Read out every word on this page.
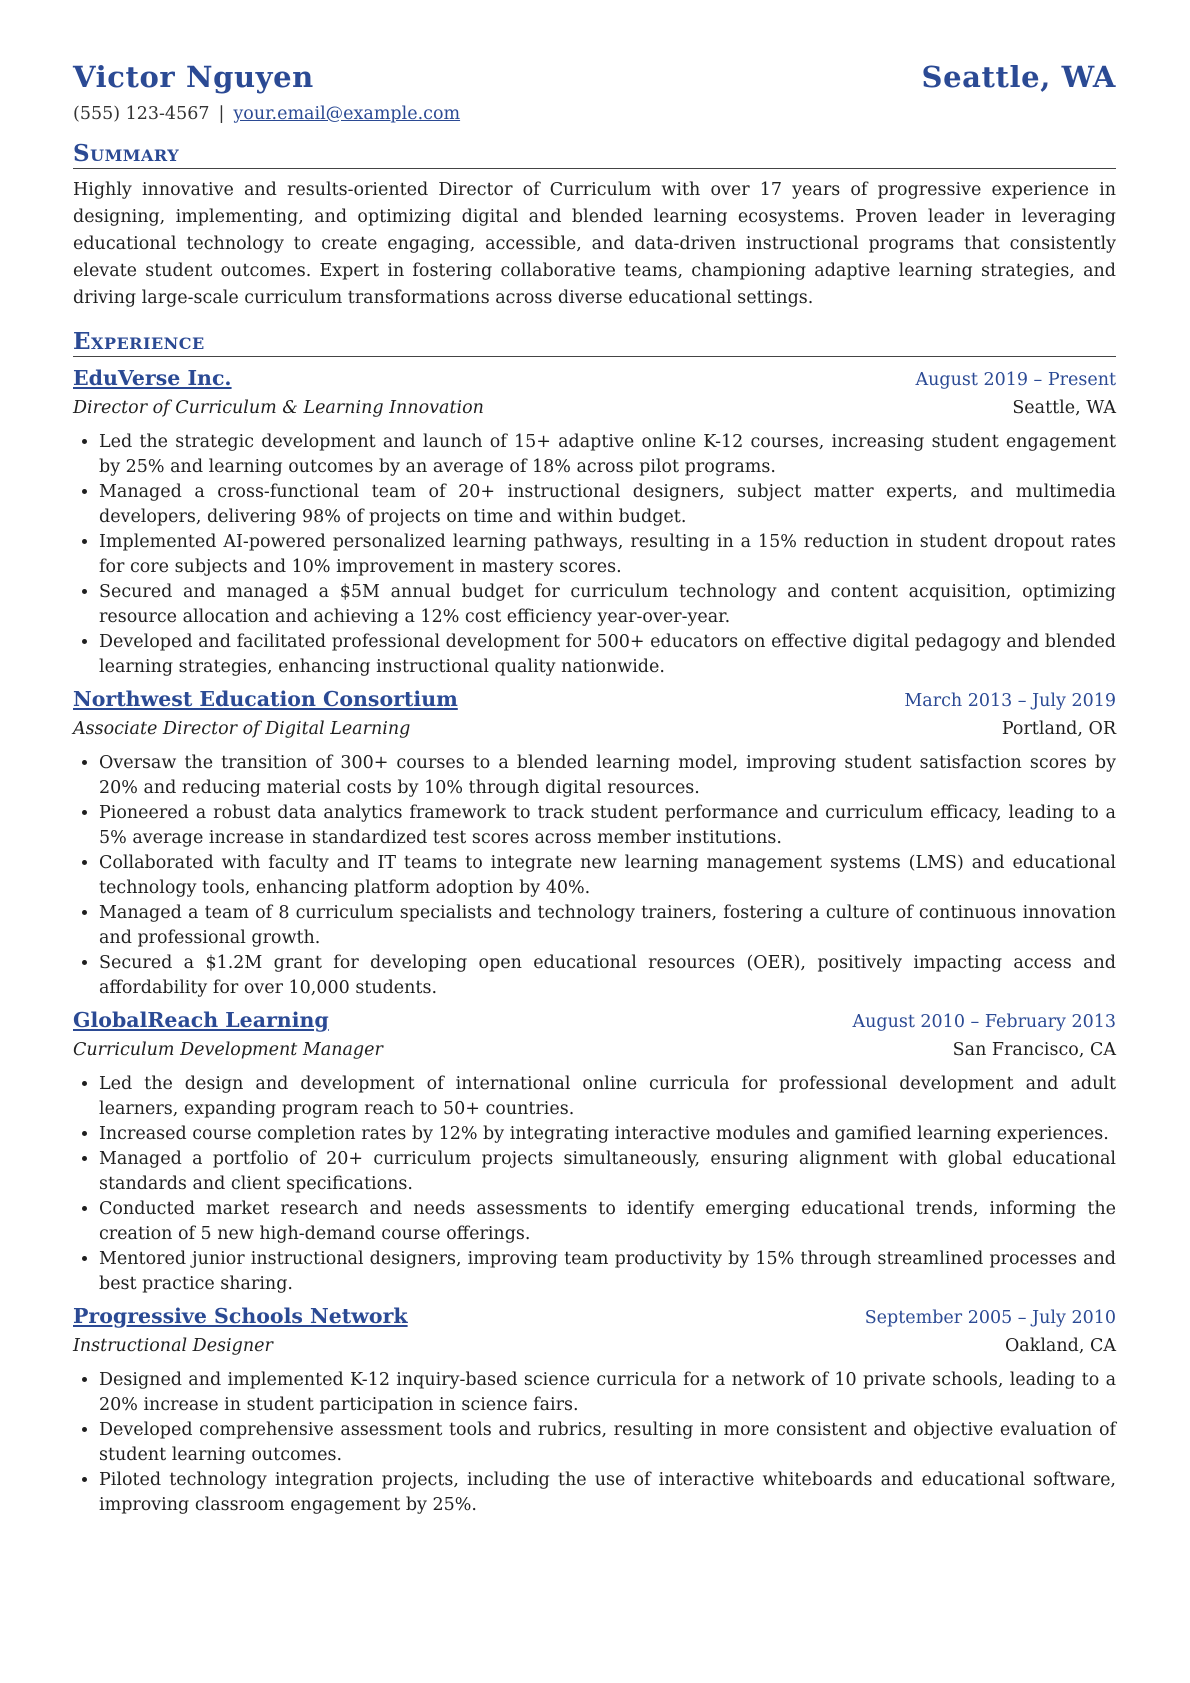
Victor Nguyen	Seattle, WA
(555) 123-4567 | your.email@example.com
Summary

Highly innovative and results-oriented Director of Curriculum with over 17 years of progressive experience in designing, implementing, and optimizing digital and blended learning ecosystems. Proven leader in leveraging educational technology to create engaging, accessible, and data-driven instructional programs that consistently elevate student outcomes. Expert in fostering collaborative teams, championing adaptive learning strategies, and driving large-scale curriculum transformations across diverse educational settings.

Experience
EduVerse Inc.	August 2019 – Present
Director of Curriculum & Learning Innovation	Seattle, WA
• Led the strategic development and launch of 15+ adaptive online K-12 courses, increasing student engagement by 25% and learning outcomes by an average of 18% across pilot programs.
• Managed a cross-functional team of 20+ instructional designers, subject matter experts, and multimedia developers, delivering 98% of projects on time and within budget.
• Implemented AI-powered personalized learning pathways, resulting in a 15% reduction in student dropout rates for core subjects and 10% improvement in mastery scores.
• Secured and managed a $5M annual budget for curriculum technology and content acquisition, optimizing resource allocation and achieving a 12% cost efficiency year-over-year.
• Developed and facilitated professional development for 500+ educators on effective digital pedagogy and blended learning strategies, enhancing instructional quality nationwide.
Northwest Education Consortium	March 2013 – July 2019
Associate Director of Digital Learning	Portland, OR
• Oversaw the transition of 300+ courses to a blended learning model, improving student satisfaction scores by 20% and reducing material costs by 10% through digital resources.
• Pioneered a robust data analytics framework to track student performance and curriculum efficacy, leading to a 5% average increase in standardized test scores across member institutions.
• Collaborated with faculty and IT teams to integrate new learning management systems (LMS) and educational technology tools, enhancing platform adoption by 40%.
• Managed a team of 8 curriculum specialists and technology trainers, fostering a culture of continuous innovation and professional growth.
• Secured a $1.2M grant for developing open educational resources (OER), positively impacting access and affordability for over 10,000 students.
GlobalReach Learning	August 2010 – February 2013
Curriculum Development Manager	San Francisco, CA
• Led the design and development of international online curricula for professional development and adult learners, expanding program reach to 50+ countries.
• Increased course completion rates by 12% by integrating interactive modules and gamified learning experiences.
• Managed a portfolio of 20+ curriculum projects simultaneously, ensuring alignment with global educational standards and client specifications.
• Conducted market research and needs assessments to identify emerging educational trends, informing the creation of 5 new high-demand course offerings.
• Mentored junior instructional designers, improving team productivity by 15% through streamlined processes and best practice sharing.
Progressive Schools Network	September 2005 – July 2010
Instructional Designer	Oakland, CA
• Designed and implemented K-12 inquiry-based science curricula for a network of 10 private schools, leading to a 20% increase in student participation in science fairs.
• Developed comprehensive assessment tools and rubrics, resulting in more consistent and objective evaluation of student learning outcomes.
• Piloted technology integration projects, including the use of interactive whiteboards and educational software, improving classroom engagement by 25%.
